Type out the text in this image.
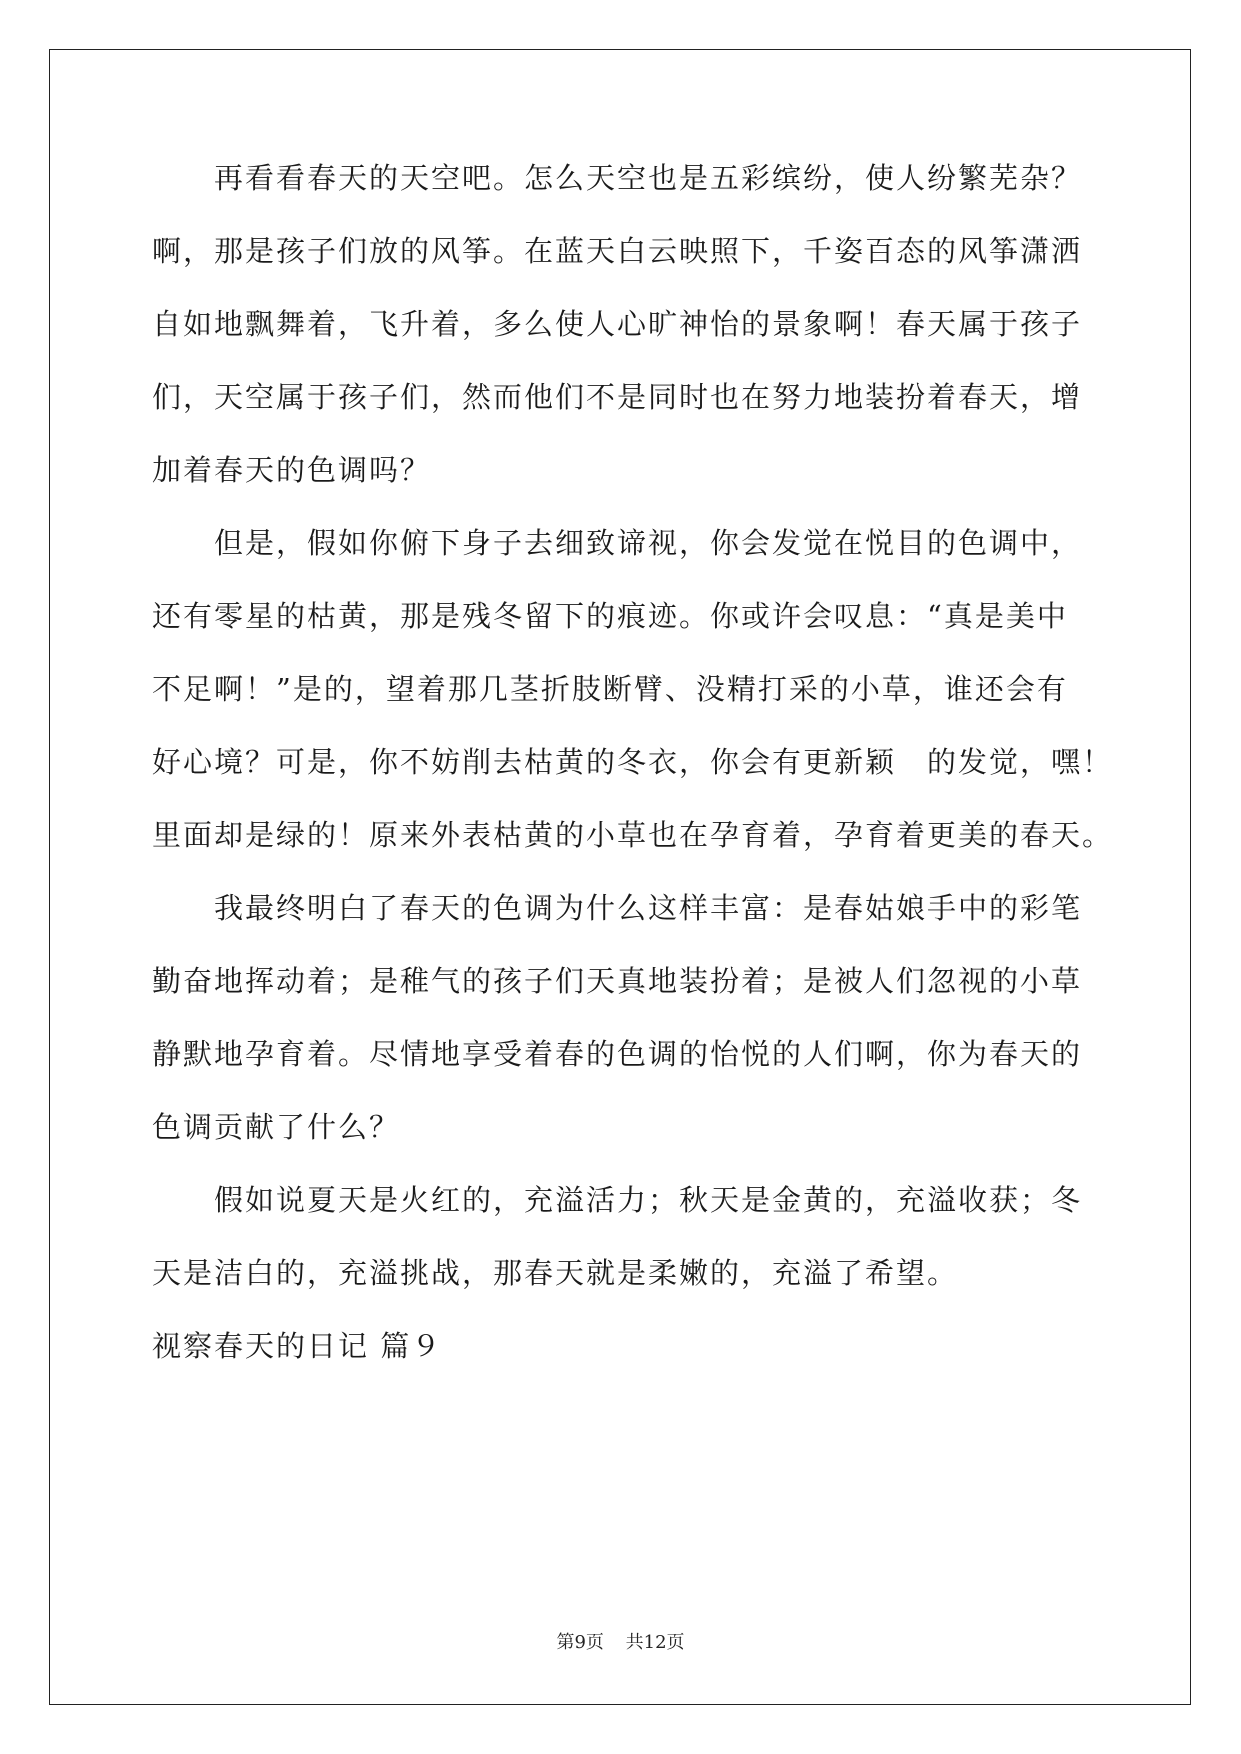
再看看春天的天空吧。怎么天空也是五彩缤纷，使人纷繁芜杂？
啊，那是孩子们放的风筝。在蓝天白云映照下，千姿百态的风筝潇洒
自如地飘舞着，飞升着，多么使人心旷神怡的景象啊！春天属于孩子
们，天空属于孩子们，然而他们不是同时也在努力地装扮着春天，增
加着春天的色调吗？
但是，假如你俯下身子去细致谛视，你会发觉在悦目的色调中，
还有零星的枯黄，那是残冬留下的痕迹。你或许会叹息：“真是美中
不足啊！”是的，望着那几茎折肢断臂、没精打采的小草，谁还会有
好心境？可是，你不妨削去枯黄的冬衣，你会有更新颖　的发觉，嘿！
里面却是绿的！原来外表枯黄的小草也在孕育着，孕育着更美的春天。
我最终明白了春天的色调为什么这样丰富：是春姑娘手中的彩笔
勤奋地挥动着；是稚气的孩子们天真地装扮着；是被人们忽视的小草
静默地孕育着。尽情地享受着春的色调的怡悦的人们啊，你为春天的
色调贡献了什么？
假如说夏天是火红的，充溢活力；秋天是金黄的，充溢收获；冬
天是洁白的，充溢挑战，那春天就是柔嫩的，充溢了希望。
视察春天的日记 篇９
第9页 共12页
